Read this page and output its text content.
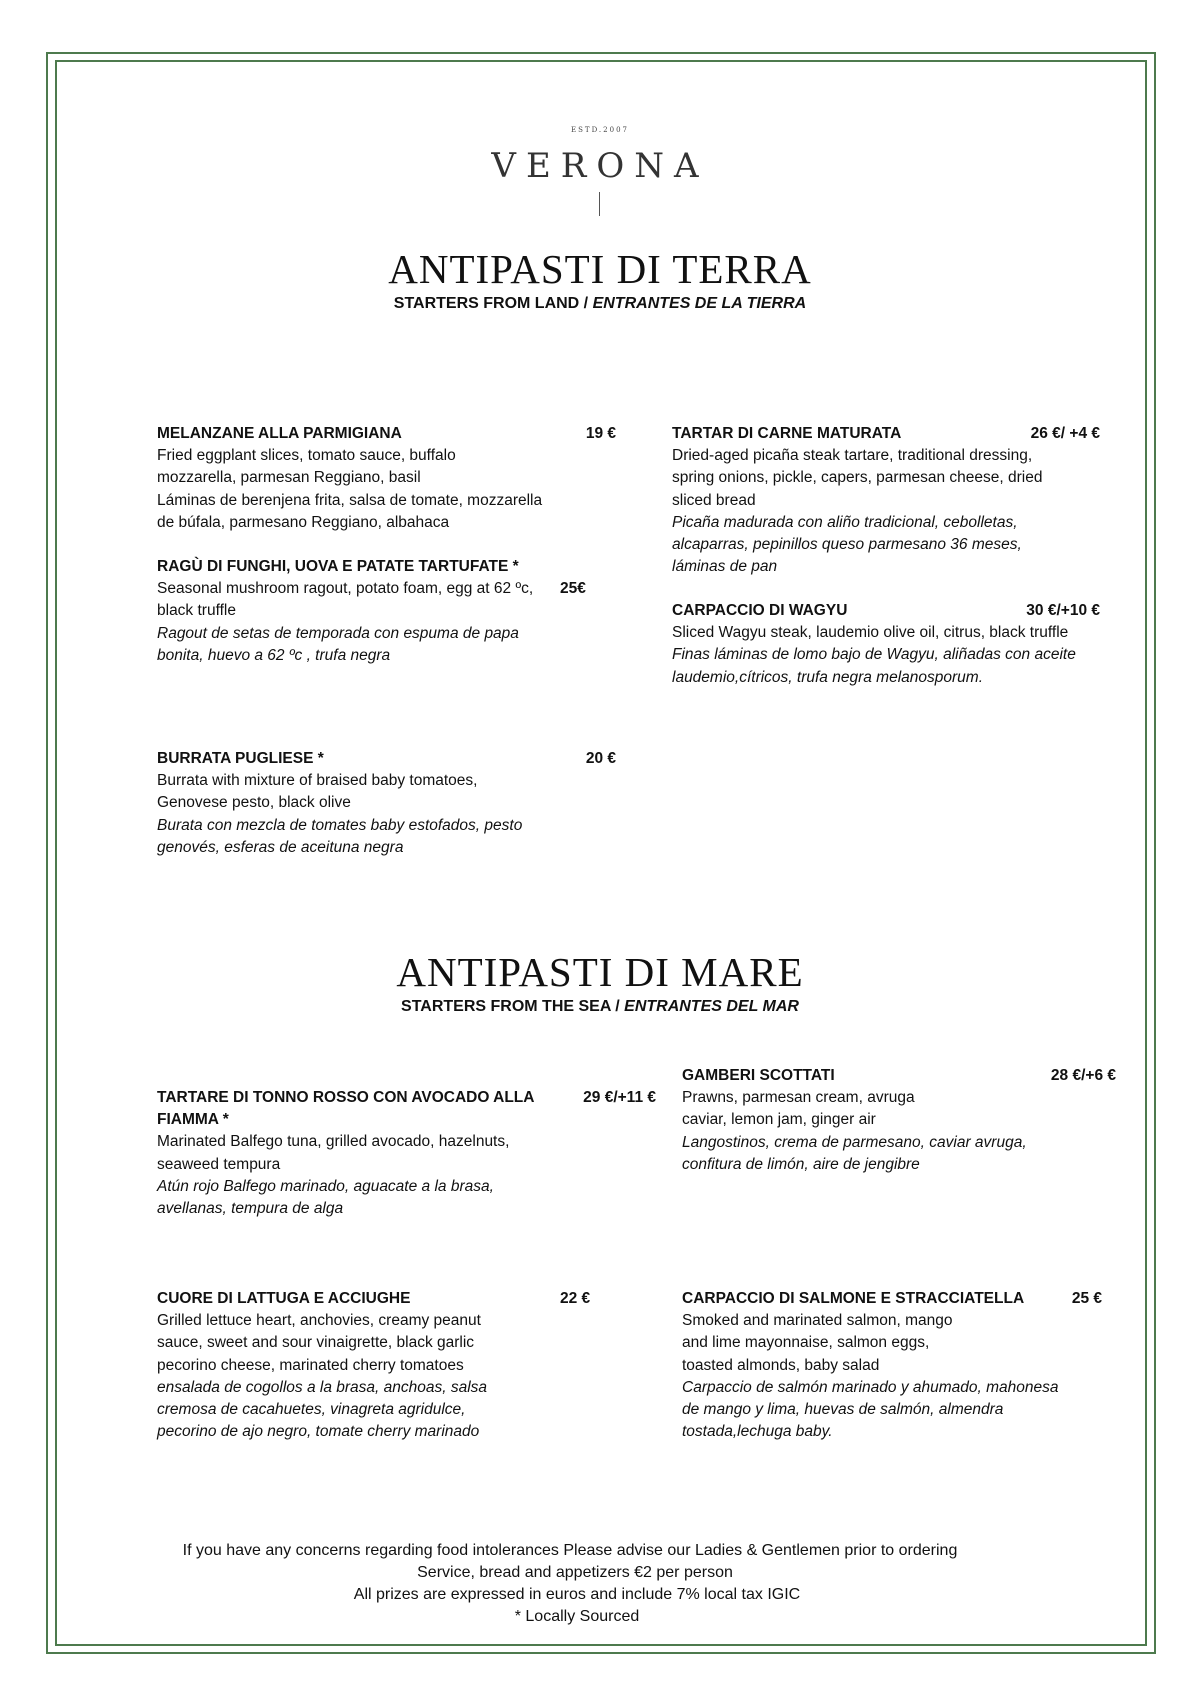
ESTD.2007
VERONA
ANTIPASTI DI TERRA
STARTERS FROM LAND / ENTRANTES DE LA TIERRA
MELANZANE ALLA PARMIGIANA
Fried eggplant slices, tomato sauce, buffalo mozzarella, parmesan Reggiano, basil
Láminas de berenjena frita, salsa de tomate, mozzarella de búfala, parmesano Reggiano, albahaca
19 €
RAGÙ DI FUNGHI, UOVA E PATATE TARTUFATE *
Seasonal mushroom ragout, potato foam, egg at 62 ºc, black truffle
Ragout de setas de temporada con espuma de papa bonita, huevo a 62 ºc , trufa negra
25€
BURRATA PUGLIESE *
Burrata with mixture of braised baby tomatoes, Genovese pesto, black olive
Burata con mezcla de tomates baby estofados, pesto genovés, esferas de aceituna negra
20 €
TARTAR DI CARNE MATURATA
Dried-aged picaña steak tartare, traditional dressing, spring onions, pickle, capers, parmesan cheese, dried sliced bread
Picaña madurada con aliño tradicional, cebolletas, alcaparras, pepinillos queso parmesano 36 meses, láminas de pan
26 €/ +4 €
CARPACCIO DI WAGYU
Sliced Wagyu steak, laudemio olive oil, citrus, black truffle
Finas láminas de lomo bajo de Wagyu, aliñadas con aceite laudemio,cítricos, trufa negra melanosporum.
30 €/+10 €
ANTIPASTI DI MARE
STARTERS FROM THE SEA / ENTRANTES DEL MAR
TARTARE DI TONNO ROSSO CON AVOCADO ALLA FIAMMA *
Marinated Balfego tuna, grilled avocado, hazelnuts, seaweed tempura
Atún rojo Balfego marinado, aguacate a la brasa, avellanas, tempura de alga
29 €/+11 €
GAMBERI SCOTTATI
Prawns, parmesan cream, avruga caviar, lemon jam, ginger air
Langostinos, crema de parmesano, caviar avruga, confitura de limón, aire de jengibre
28 €/+6 €
CUORE DI LATTUGA E ACCIUGHE
Grilled lettuce heart, anchovies, creamy peanut sauce, sweet and sour vinaigrette, black garlic pecorino cheese, marinated cherry tomatoes
ensalada de cogollos a la brasa, anchoas, salsa cremosa de cacahuetes, vinagreta agridulce, pecorino de ajo negro, tomate cherry marinado
22 €	CARPACCIO DI SALMONE E STRACCIATELLA
Smoked and marinated salmon, mango and lime mayonnaise, salmon eggs, toasted almonds, baby salad
Carpaccio de salmón marinado y ahumado, mahonesa de mango y lima, huevas de salmón, almendra tostada,lechuga baby.
25 €
If you have any concerns regarding food intolerances Please advise our Ladies & Gentlemen prior to ordering
Service, bread and appetizers €2 per person
All prizes are expressed in euros and include 7% local tax IGIC
* Locally Sourced
